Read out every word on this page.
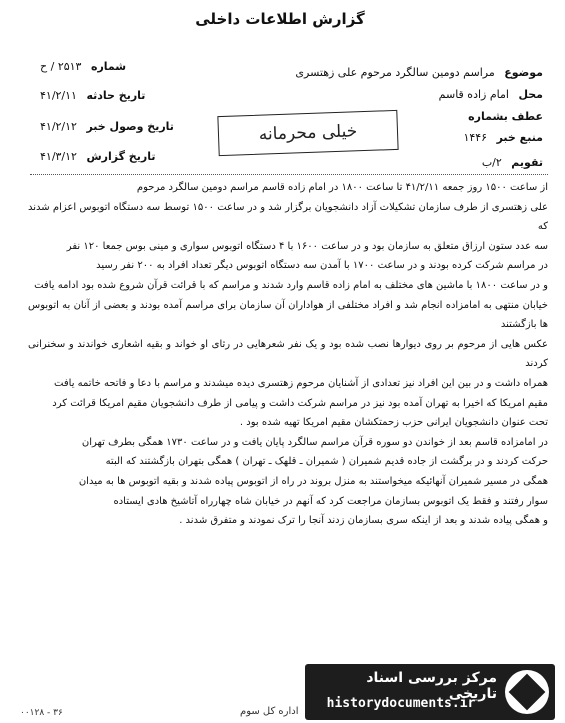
گزارش اطلاعات داخلی
شماره ۲۵۱۳ / ح
تاریخ حادثه ۴۱/۲/۱۱
تاریخ وصول خبر ۴۱/۲/۱۲
تاریخ گزارش ۴۱/۳/۱۲
موضوع مراسم دومین سالگرد مرحوم علی زهتسری
محل امام زاده قاسم
عطف بشماره
منبع خبر ۱۴۴۶
تقویم ۲/ب
خیلی محرمانه

از ساعت ۱۵۰۰ روز جمعه ۴۱/۲/۱۱ تا ساعت ۱۸۰۰ در امام زاده قاسم مراسم دومین سالگرد مرحوم

علی زهتسری از طرف سازمان تشکیلات آزاد دانشجویان برگزار شد و در ساعت ۱۵۰۰ توسط سه دستگاه اتوبوس اعزام شدند که

سه عدد ستون ارزاق متعلق به سازمان بود و در ساعت ۱۶۰۰ با ۴ دستگاه اتوبوس سواری و مینی بوس جمعا ۱۲۰ نفر

در مراسم شرکت کرده بودند و در ساعت ۱۷۰۰ با آمدن سه دستگاه اتوبوس دیگر تعداد افراد به ۲۰۰ نفر رسید

و در ساعت ۱۸۰۰ با ماشین های مختلف به امام زاده قاسم وارد شدند و مراسم که با قرائت قرآن شروع شده بود ادامه یافت

خیابان منتهی به امامزاده انجام شد و افراد مختلفی از هواداران آن سازمان برای مراسم آمده بودند و بعضی از آنان به اتوبوس ها بازگشتند

عکس هایی از مرحوم بر روی دیوارها نصب شده بود و یک نفر شعرهایی در رثای او خواند و بقیه اشعاری خواندند و سخنرانی کردند

همراه داشت و در بین این افراد نیز تعدادی از آشنایان مرحوم زهتسری دیده میشدند و مراسم با دعا و فاتحه خاتمه یافت

مقیم امریکا که اخیرا به تهران آمده بود نیز در مراسم شرکت داشت و پیامی از طرف دانشجویان مقیم امریکا قرائت کرد

تحت عنوان دانشجویان ایرانی حزب زحمتکشان مقیم امریکا تهیه شده بود .

در امامزاده قاسم بعد از خواندن دو سوره قرآن مراسم سالگرد پایان یافت و در ساعت ۱۷۳۰ همگی بطرف تهران

حرکت کردند و در برگشت از جاده قدیم شمیران ( شمیران ـ قلهک ـ تهران ) همگی بتهران بازگشتند که البته

همگی در مسیر شمیران آنهائیکه میخواستند به منزل بروند در راه از اتوبوس پیاده شدند و بقیه اتوبوس ها به میدان

سوار رفتند و فقط یک اتوبوس بسازمان مراجعت کرد که آنهم در خیابان شاه چهارراه آتاشیخ هادی ایستاده

و همگی پیاده شدند و بعد از اینکه سری بسازمان زدند آنجا را ترک نمودند و متفرق شدند .

مرکز بررسی اسناد تاریخی
historydocuments.ir
۰۰۱۲۸ - ۳۶	اداره کل سوم
